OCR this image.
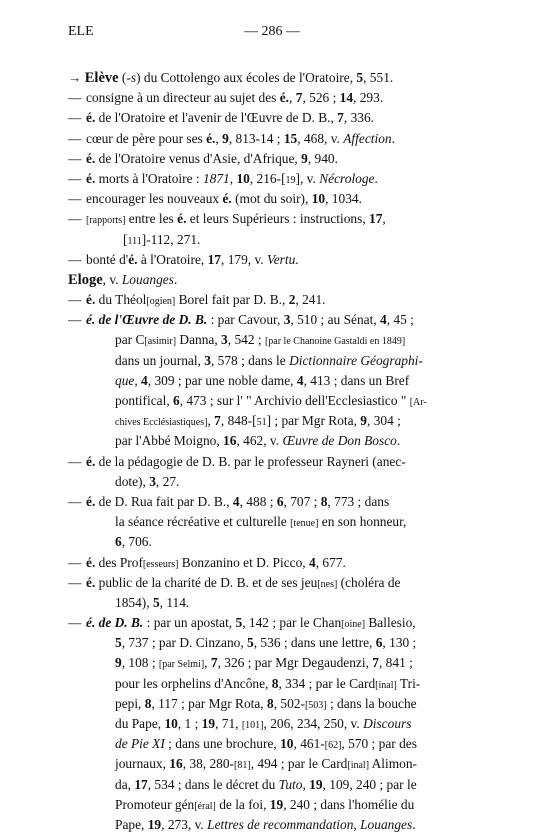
ELE	— 286 —
→ Elève (-s) du Cottolengo aux écoles de l'Oratoire, 5, 551.
—consigne à un directeur au sujet des é., 7, 526 ; 14, 293.
—é. de l'Oratoire et l'avenir de l'Œuvre de D. B., 7, 336.
—cœur de père pour ses é., 9, 813-14 ; 15, 468, v. Affection.
—é. de l'Oratoire venus d'Asie, d'Afrique, 9, 940.
—é. morts à l'Oratoire : 1871, 10, 216-[19], v. Nécrologe.
—encourager les nouveaux é. (mot du soir), 10, 1034.
—[rapports] entre les é. et leurs Supérieurs : instructions, 17,
[111]-112, 271.
—bonté d'é. à l'Oratoire, 17, 179, v. Vertu.
Eloge, v. Louanges.
—é. du Théol[ogien] Borel fait par D. B., 2, 241.
—é. de l'Œuvre de D. B. : par Cavour, 3, 510 ; au Sénat, 4, 45 ;
par C[asimir] Danna, 3, 542 ; [par le Chanoine Gastaldi en 1849]
dans un journal, 3, 578 ; dans le Dictionnaire Géographi-
que, 4, 309 ; par une noble dame, 4, 413 ; dans un Bref
pontifical, 6, 473 ; sur l' " Archivio dell'Ecclesiastico " [Ar-
chives Ecclésiastiques], 7, 848-[51] ; par Mgr Rota, 9, 304 ;
par l'Abbé Moigno, 16, 462, v. Œuvre de Don Bosco.
—é. de la pédagogie de D. B. par le professeur Rayneri (anec-
dote), 3, 27.
—é. de D. Rua fait par D. B., 4, 488 ; 6, 707 ; 8, 773 ; dans
la séance récréative et culturelle [tenue] en son honneur,
6, 706.
—é. des Prof[esseurs] Bonzanino et D. Picco, 4, 677.
—é. public de la charité de D. B. et de ses jeu[nes] (choléra de
1854), 5, 114.
—é. de D. B. : par un apostat, 5, 142 ; par le Chan[oine] Ballesio,
5, 737 ; par D. Cinzano, 5, 536 ; dans une lettre, 6, 130 ;
9, 108 ; [par Selmi], 7, 326 ; par Mgr Degaudenzi, 7, 841 ;
pour les orphelins d'Ancône, 8, 334 ; par le Card[inal] Tri-
pepi, 8, 117 ; par Mgr Rota, 8, 502-[503] ; dans la bouche
du Pape, 10, 1 ; 19, 71, [101], 206, 234, 250, v. Discours
de Pie XI ; dans une brochure, 10, 461-[62], 570 ; par des
journaux, 16, 38, 280-[81], 494 ; par le Card[inal] Alimon-
da, 17, 534 ; dans le décret du Tuto, 19, 109, 240 ; par le
Promoteur gén[éral] de la foi, 19, 240 ; dans l'homélie du
Pape, 19, 273, v. Lettres de recommandation, Louanges.
